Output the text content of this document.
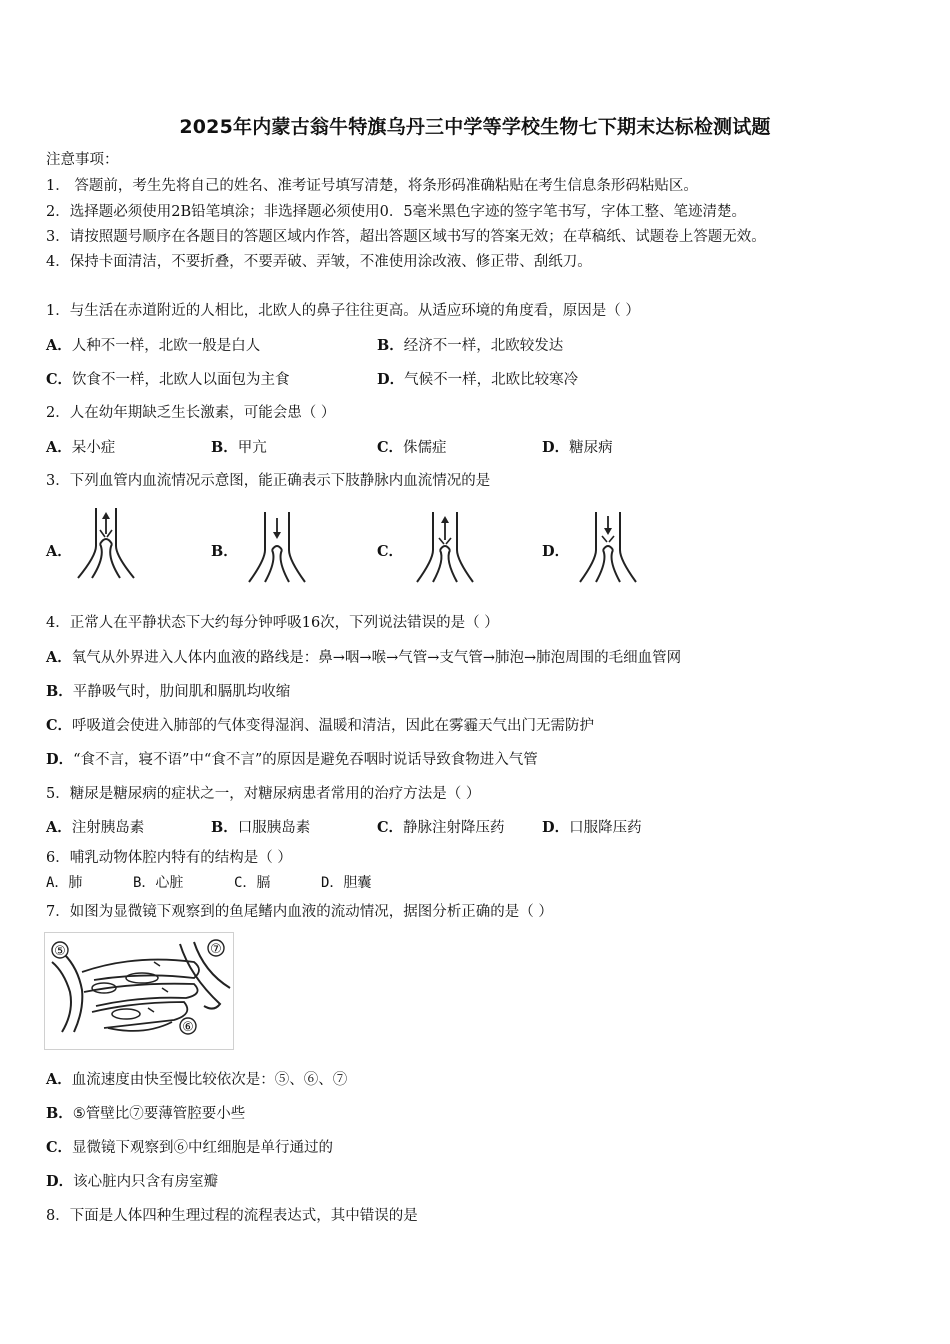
2025年内蒙古翁牛特旗乌丹三中学等学校生物七下期末达标检测试题
注意事项：
1． 答题前，考生先将自己的姓名、准考证号填写清楚，将条形码准确粘贴在考生信息条形码粘贴区。
2．选择题必须使用2B铅笔填涂；非选择题必须使用0．5毫米黑色字迹的签字笔书写，字体工整、笔迹清楚。
3．请按照题号顺序在各题目的答题区域内作答，超出答题区域书写的答案无效；在草稿纸、试题卷上答题无效。
4．保持卡面清洁，不要折叠，不要弄破、弄皱，不准使用涂改液、修正带、刮纸刀。
1．与生活在赤道附近的人相比，北欧人的鼻子往往更高。从适应环境的角度看，原因是（ ）
A．人种不一样，北欧一般是白人	B．经济不一样，北欧较发达
C．饮食不一样，北欧人以面包为主食	D．气候不一样，北欧比较寒冷
2．人在幼年期缺乏生长激素，可能会患（ ）
A．呆小症	B．甲亢	C．侏儒症	D．糖尿病
3．下列血管内血流情况示意图，能正确表示下肢静脉内血流情况的是
A．	B．	C．	D．
4．正常人在平静状态下大约每分钟呼吸16次，下列说法错误的是（ ）
A．氧气从外界进入人体内血液的路线是：鼻→咽→喉→气管→支气管→肺泡→肺泡周围的毛细血管网
B．平静吸气时，肋间肌和膈肌均收缩
C．呼吸道会使进入肺部的气体变得湿润、温暖和清洁，因此在雾霾天气出门无需防护
D．“食不言，寝不语”中“食不言”的原因是避免吞咽时说话导致食物进入气管
5．糖尿是糖尿病的症状之一，对糖尿病患者常用的治疗方法是（ ）
A．注射胰岛素	B．口服胰岛素	C．静脉注射降压药	D．口服降压药
6．哺乳动物体腔内特有的结构是（ ）
A．肺      B．心脏      C．膈      D．胆囊
7．如图为显微镜下观察到的鱼尾鳍内血液的流动情况，据图分析正确的是（ ）
⑤	⑦
⑥
A．血流速度由快至慢比较依次是：⑤、⑥、⑦
B．⑤管壁比⑦要薄管腔要小些
C．显微镜下观察到⑥中红细胞是单行通过的
D．该心脏内只含有房室瓣
8．下面是人体四种生理过程的流程表达式，其中错误的是
